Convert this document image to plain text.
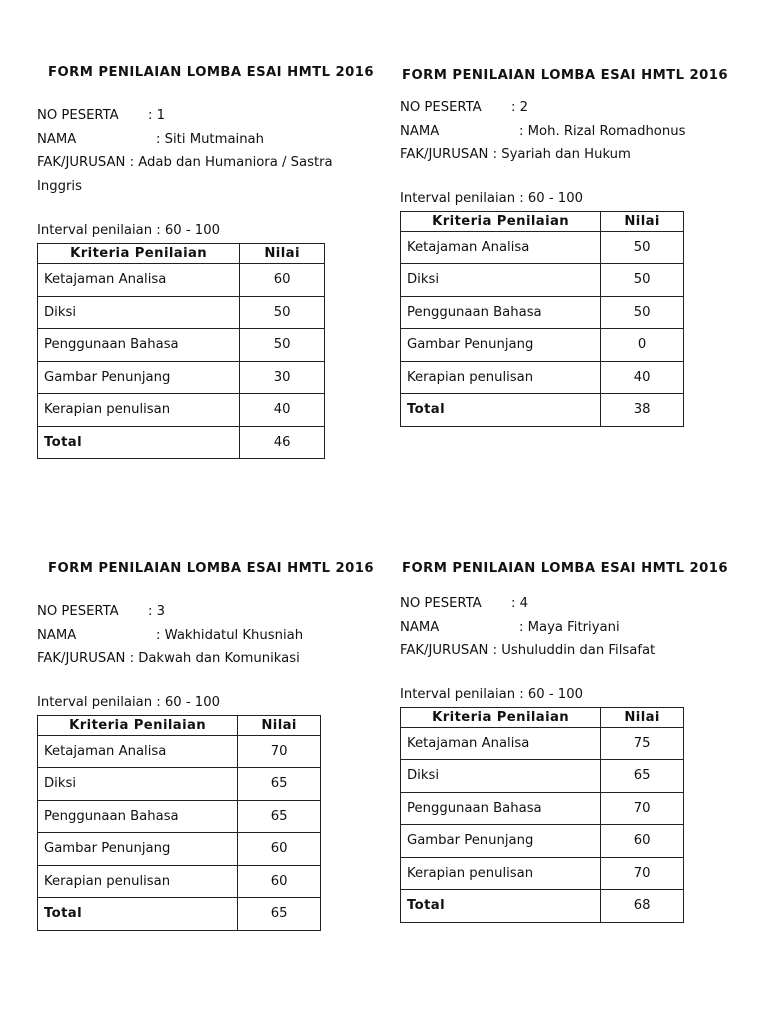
FORM PENILAIAN LOMBA ESAI HMTL 2016
NO PESERTA : 1
NAMA	: Siti Mutmainah
FAK/JURUSAN : Adab dan Humaniora / Sastra Inggris
Interval penilaian : 60 - 100
Kriteria Penilaian	Nilai
Ketajaman Analisa	60
Diksi	50
Penggunaan Bahasa	50
Gambar Penunjang	30
Kerapian penulisan	40
Total	46
FORM PENILAIAN LOMBA ESAI HMTL 2016
NO PESERTA : 2
NAMA	: Moh. Rizal Romadhonus
FAK/JURUSAN : Syariah dan Hukum
Interval penilaian : 60 - 100
Kriteria Penilaian	Nilai
Ketajaman Analisa	50
Diksi	50
Penggunaan Bahasa	50
Gambar Penunjang	0
Kerapian penulisan	40
Total	38
FORM PENILAIAN LOMBA ESAI HMTL 2016
NO PESERTA : 3
NAMA	: Wakhidatul Khusniah
FAK/JURUSAN : Dakwah dan Komunikasi
Interval penilaian : 60 - 100
Kriteria Penilaian	Nilai
Ketajaman Analisa	70
Diksi	65
Penggunaan Bahasa	65
Gambar Penunjang	60
Kerapian penulisan	60
Total	65
FORM PENILAIAN LOMBA ESAI HMTL 2016
NO PESERTA : 4
NAMA	: Maya Fitriyani
FAK/JURUSAN : Ushuluddin dan Filsafat
Interval penilaian : 60 - 100
Kriteria Penilaian	Nilai
Ketajaman Analisa	75
Diksi	65
Penggunaan Bahasa	70
Gambar Penunjang	60
Kerapian penulisan	70
Total	68
